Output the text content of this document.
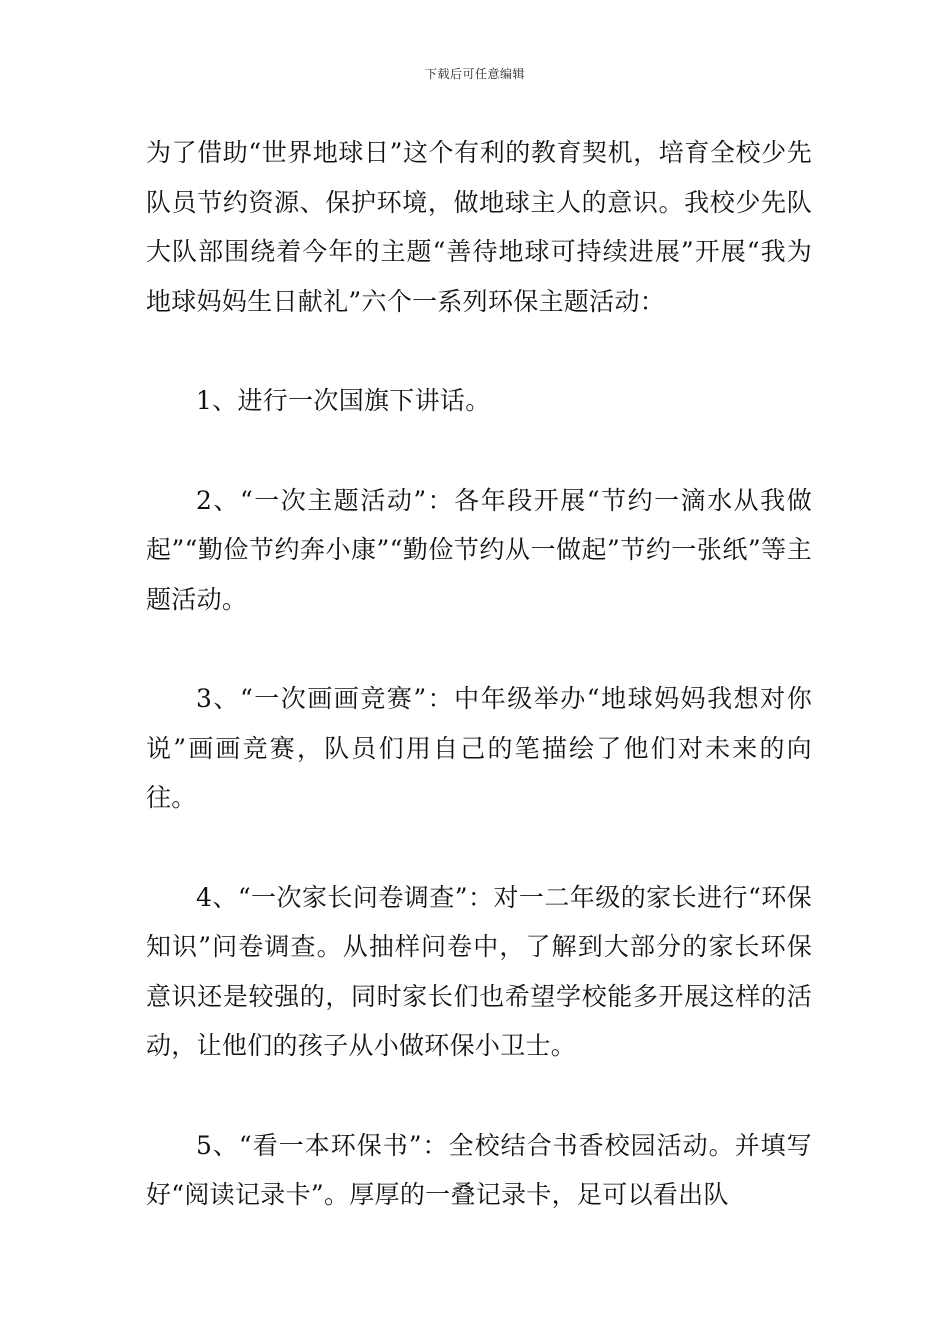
下载后可任意编辑

为了借助“世界地球日”这个有利的教育契机，培育全校少先队员节约资源、保护环境，做地球主人的意识。我校少先队大队部围绕着今年的主题“善待地球可持续进展”开展“我为地球妈妈生日献礼”六个一系列环保主题活动：

1、进行一次国旗下讲话。

2、“一次主题活动”：各年段开展“节约一滴水从我做起”“勤俭节约奔小康”“勤俭节约从一做起”节约一张纸”等主题活动。

3、“一次画画竞赛”：中年级举办“地球妈妈我想对你说”画画竞赛，队员们用自己的笔描绘了他们对未来的向往。

4、“一次家长问卷调查”：对一二年级的家长进行“环保知识”问卷调查。从抽样问卷中，了解到大部分的家长环保意识还是较强的，同时家长们也希望学校能多开展这样的活动，让他们的孩子从小做环保小卫士。

5、“看一本环保书”：全校结合书香校园活动。并填写好“阅读记录卡”。厚厚的一叠记录卡，足可以看出队
